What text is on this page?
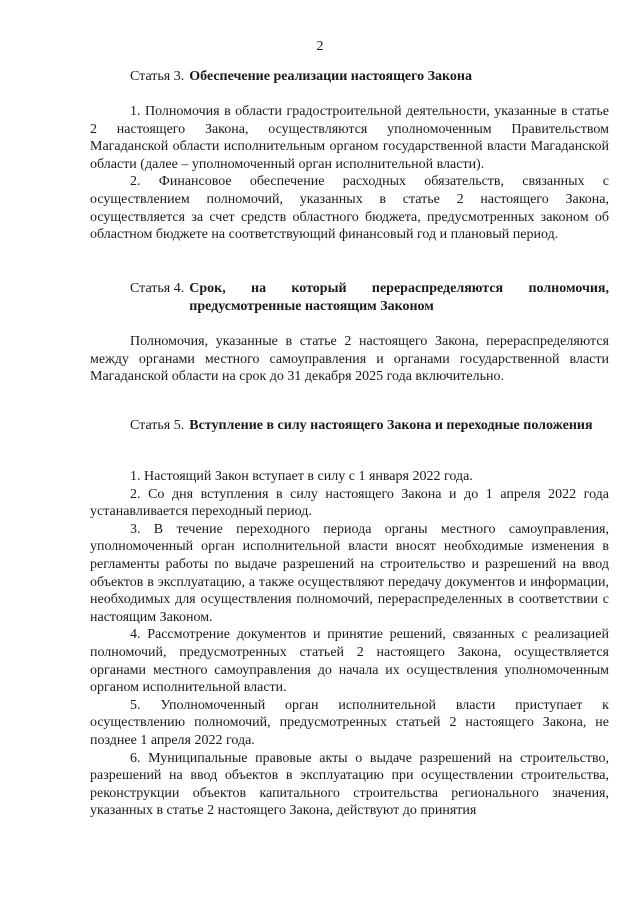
2
Статья 3. Обеспечение реализации настоящего Закона

1. Полномочия в области градостроительной деятельности, указанные в статье 2 настоящего Закона, осуществляются уполномоченным Правительством Магаданской области исполнительным органом государственной власти Магаданской области (далее – уполномоченный орган исполнительной власти).

2. Финансовое обеспечение расходных обязательств, связанных с осуществлением полномочий, указанных в статье 2 настоящего Закона, осуществляется за счет средств областного бюджета, предусмотренных законом об областном бюджете на соответствующий финансовый год и плановый период.

Статья 4. Срок, на который перераспределяются полномочия, предусмотренные настоящим Законом

Полномочия, указанные в статье 2 настоящего Закона, перераспределяются между органами местного самоуправления и органами государственной власти Магаданской области на срок до 31 декабря 2025 года включительно.

Статья 5. Вступление в силу настоящего Закона и переходные положения

1. Настоящий Закон вступает в силу с 1 января 2022 года.

2. Со дня вступления в силу настоящего Закона и до 1 апреля 2022 года устанавливается переходный период.

3. В течение переходного периода органы местного самоуправления, уполномоченный орган исполнительной власти вносят необходимые изменения в регламенты работы по выдаче разрешений на строительство и разрешений на ввод объектов в эксплуатацию, а также осуществляют передачу документов и информации, необходимых для осуществления полномочий, перераспределенных в соответствии с настоящим Законом.

4. Рассмотрение документов и принятие решений, связанных с реализацией полномочий, предусмотренных статьей 2 настоящего Закона, осуществляется органами местного самоуправления до начала их осуществления уполномоченным органом исполнительной власти.

5. Уполномоченный орган исполнительной власти приступает к осуществлению полномочий, предусмотренных статьей 2 настоящего Закона, не позднее 1 апреля 2022 года.

6. Муниципальные правовые акты о выдаче разрешений на строительство, разрешений на ввод объектов в эксплуатацию при осуществлении строительства, реконструкции объектов капитального строительства регионального значения, указанных в статье 2 настоящего Закона, действуют до принятия
